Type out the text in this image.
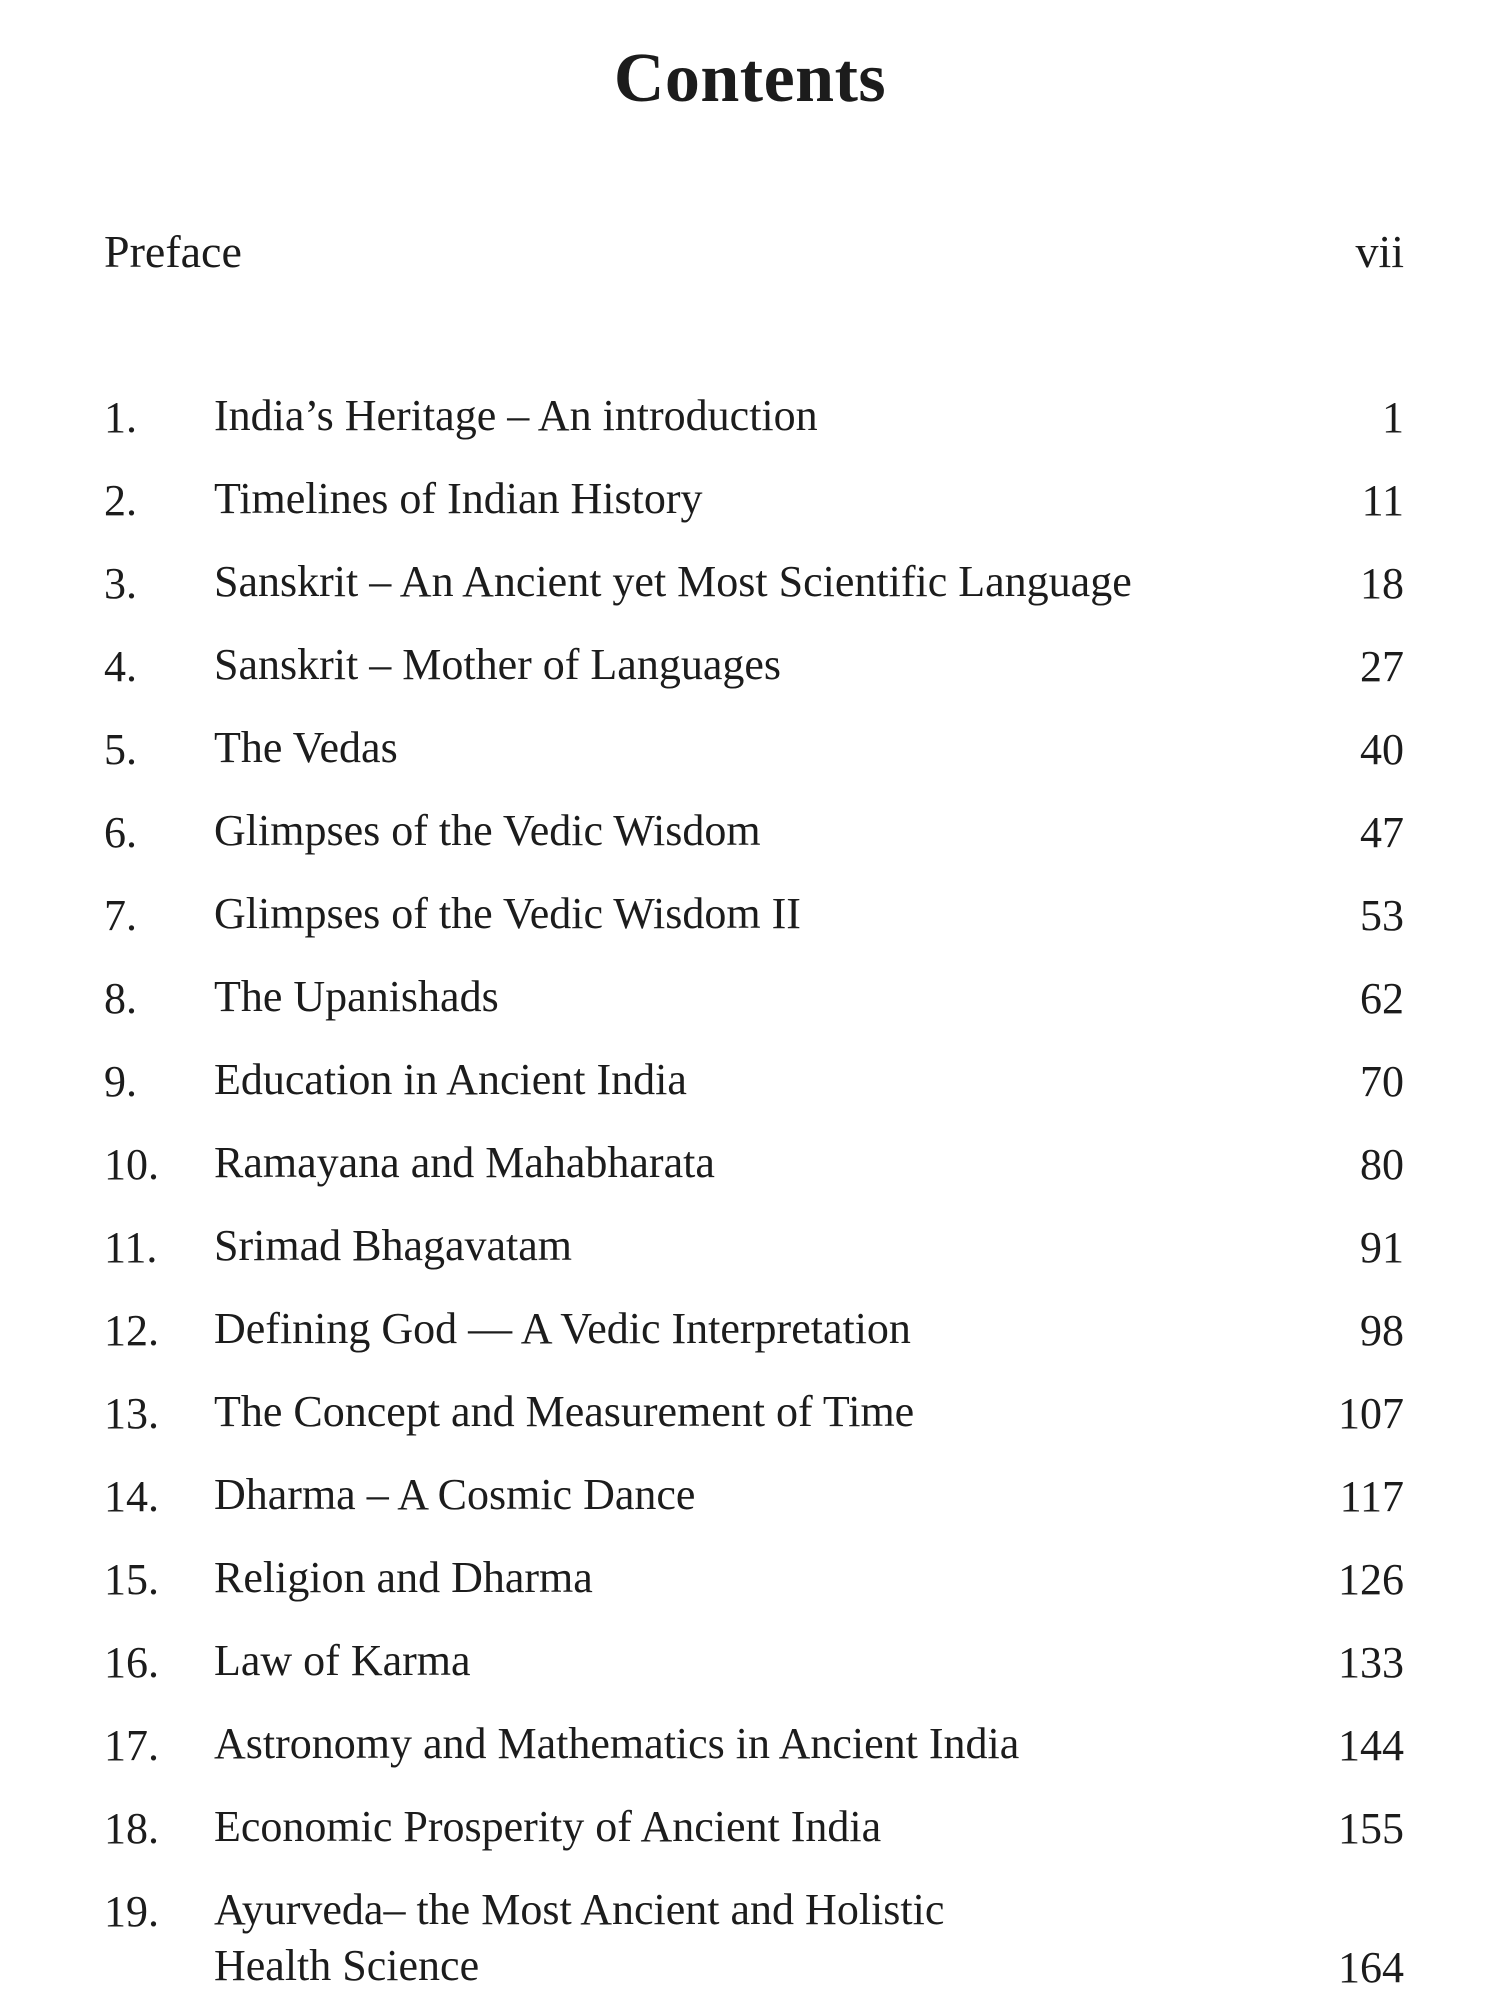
Contents
Preface	vii
1.	India’s Heritage – An introduction	1
2.	Timelines of Indian History	11
3.	Sanskrit – An Ancient yet Most Scientific Language	18
4.	Sanskrit – Mother of Languages	27
5.	The Vedas	40
6.	Glimpses of the Vedic Wisdom	47
7.	Glimpses of the Vedic Wisdom II	53
8.	The Upanishads	62
9.	Education in Ancient India	70
10.	Ramayana and Mahabharata	80
11.	Srimad Bhagavatam	91
12.	Defining God — A Vedic Interpretation	98
13.	The Concept and Measurement of Time	107
14.	Dharma – A Cosmic Dance	117
15.	Religion and Dharma	126
16.	Law of Karma	133
17.	Astronomy and Mathematics in Ancient India	144
18.	Economic Prosperity of Ancient India	155
19.	Ayurveda– the Most Ancient and Holistic
Health Science	164
